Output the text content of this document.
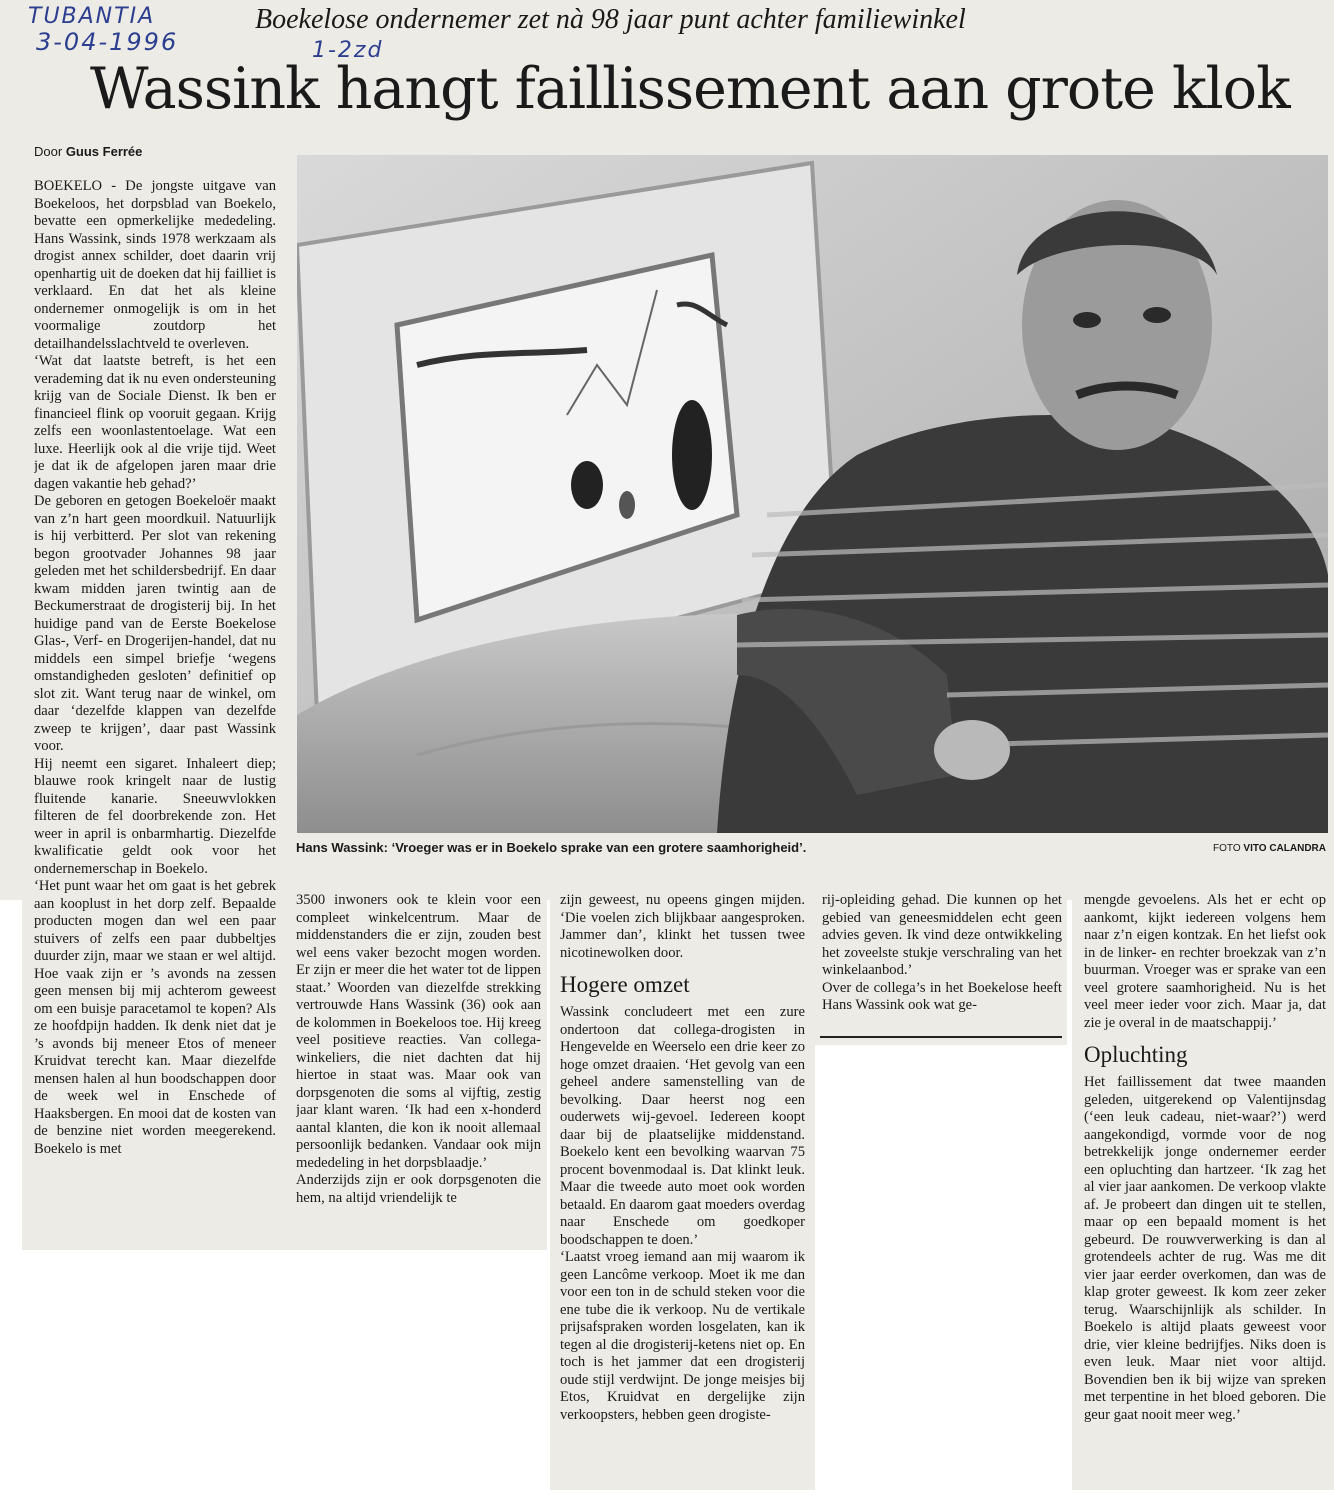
TUBANTIA
3-04-1996	1-2zd
Boekelose ondernemer zet nà 98 jaar punt achter familiewinkel
Wassink hangt faillissement aan grote klok
Door Guus Ferrée
BOEKELO - De jongste uitgave van Boekeloos, het dorpsblad van Boekelo, bevatte een opmerkelijke mededeling. Hans Wassink, sinds 1978 werkzaam als drogist annex schilder, doet daarin vrij openhartig uit de doeken dat hij failliet is verklaard. En dat het als kleine ondernemer onmogelijk is om in het voormalige zoutdorp het detailhandelsslachtveld te overleven.
‘Wat dat laatste betreft, is het een verademing dat ik nu even ondersteuning krijg van de Sociale Dienst. Ik ben er financieel flink op vooruit gegaan. Krijg zelfs een woonlastentoelage. Wat een luxe. Heerlijk ook al die vrije tijd. Weet je dat ik de afgelopen jaren maar drie dagen vakantie heb gehad?’
De geboren en getogen Boekeloër maakt van z’n hart geen moordkuil. Natuurlijk is hij verbitterd. Per slot van rekening begon grootvader Johannes 98 jaar geleden met het schildersbedrijf. En daar kwam midden jaren twintig aan de Beckumerstraat de drogisterij bij. In het huidige pand van de Eerste Boekelose Glas-, Verf- en Drogerijen-handel, dat nu middels een simpel briefje ‘wegens omstandigheden gesloten’ definitief op slot zit. Want terug naar de winkel, om daar ‘dezelfde klappen van dezelfde zweep te krijgen’, daar past Wassink voor.
Hij neemt een sigaret. Inhaleert diep; blauwe rook kringelt naar de lustig fluitende kanarie. Sneeuwvlokken filteren de fel doorbrekende zon. Het weer in april is onbarmhartig. Diezelfde kwalificatie geldt ook voor het ondernemerschap in Boekelo.
‘Het punt waar het om gaat is het gebrek aan kooplust in het dorp zelf. Bepaalde producten mogen dan wel een paar stuivers of zelfs een paar dubbeltjes duurder zijn, maar we staan er wel altijd. Hoe vaak zijn er ’s avonds na zessen geen mensen bij mij achterom geweest om een buisje paracetamol te kopen? Als ze hoofdpijn hadden. Ik denk niet dat je ’s avonds bij meneer Etos of meneer Kruidvat terecht kan. Maar diezelfde mensen halen al hun boodschappen door de week wel in Enschede of Haaksbergen. En mooi dat de kosten van de benzine niet worden meegerekend. Boekelo is met
Hans Wassink: ‘Vroeger was er in Boekelo sprake van een grotere saamhorigheid’.	FOTO VITO CALANDRA
3500 inwoners ook te klein voor een compleet winkelcentrum. Maar de middenstanders die er zijn, zouden best wel eens vaker bezocht mogen worden. Er zijn er meer die het water tot de lippen staat.’ Woorden van diezelfde strekking vertrouwde Hans Wassink (36) ook aan de kolommen in Boekeloos toe. Hij kreeg veel positieve reacties. Van collega-winkeliers, die niet dachten dat hij hiertoe in staat was. Maar ook van dorpsgenoten die soms al vijftig, zestig jaar klant waren. ‘Ik had een x-honderd aantal klanten, die kon ik nooit allemaal persoonlijk bedanken. Vandaar ook mijn mededeling in het dorpsblaadje.’
Anderzijds zijn er ook dorpsgenoten die hem, na altijd vriendelijk te

zijn geweest, nu opeens gingen mijden. ‘Die voelen zich blijkbaar aangesproken. Jammer dan’, klinkt het tussen twee nicotinewolken door.

Hogere omzet

Wassink concludeert met een zure ondertoon dat collega-drogisten in Hengevelde en Weerselo een drie keer zo hoge omzet draaien. ‘Het gevolg van een geheel andere samenstelling van de bevolking. Daar heerst nog een ouderwets wij-gevoel. Iedereen koopt daar bij de plaatselijke middenstand. Boekelo kent een bevolking waarvan 75 procent bovenmodaal is. Dat klinkt leuk. Maar die tweede auto moet ook worden betaald. En daarom gaat moeders overdag naar Enschede om goedkoper boodschappen te doen.’
‘Laatst vroeg iemand aan mij waarom ik geen Lancôme verkoop. Moet ik me dan voor een ton in de schuld steken voor die ene tube die ik verkoop. Nu de vertikale prijsafspraken worden losgelaten, kan ik tegen al die drogisterij-ketens niet op. En toch is het jammer dat een drogisterij oude stijl verdwijnt. De jonge meisjes bij Etos, Kruidvat en dergelijke zijn verkoopsters, hebben geen drogiste-

rij-opleiding gehad. Die kunnen op het gebied van geneesmiddelen echt geen advies geven. Ik vind deze ontwikkeling het zoveelste stukje verschraling van het winkelaanbod.’
Over de collega’s in het Boekelose heeft Hans Wassink ook wat ge-

mengde gevoelens. Als het er echt op aankomt, kijkt iedereen volgens hem naar z’n eigen kontzak. En het liefst ook in de linker- en rechter broekzak van z’n buurman. Vroeger was er sprake van een veel grotere saamhorigheid. Nu is het veel meer ieder voor zich. Maar ja, dat zie je overal in de maatschappij.’

Opluchting

Het faillissement dat twee maanden geleden, uitgerekend op Valentijnsdag (‘een leuk cadeau, niet-waar?’) werd aangekondigd, vormde voor de nog betrekkelijk jonge ondernemer eerder een opluchting dan hartzeer. ‘Ik zag het al vier jaar aankomen. De verkoop vlakte af. Je probeert dan dingen uit te stellen, maar op een bepaald moment is het gebeurd. De rouwverwerking is dan al grotendeels achter de rug. Was me dit vier jaar eerder overkomen, dan was de klap groter geweest. Ik kom zeer zeker terug. Waarschijnlijk als schilder. In Boekelo is altijd plaats geweest voor drie, vier kleine bedrijfjes. Niks doen is even leuk. Maar niet voor altijd. Bovendien ben ik bij wijze van spreken met terpentine in het bloed geboren. Die geur gaat nooit meer weg.’
